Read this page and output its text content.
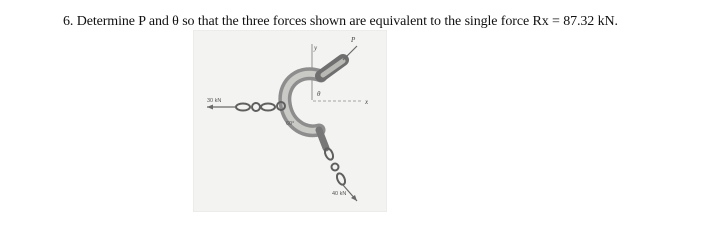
6. Determine P and θ so that the three forces shown are equivalent to the single force Rx = 87.32 kN.
y
x
P
θ
30 kN
60°
40 kN
